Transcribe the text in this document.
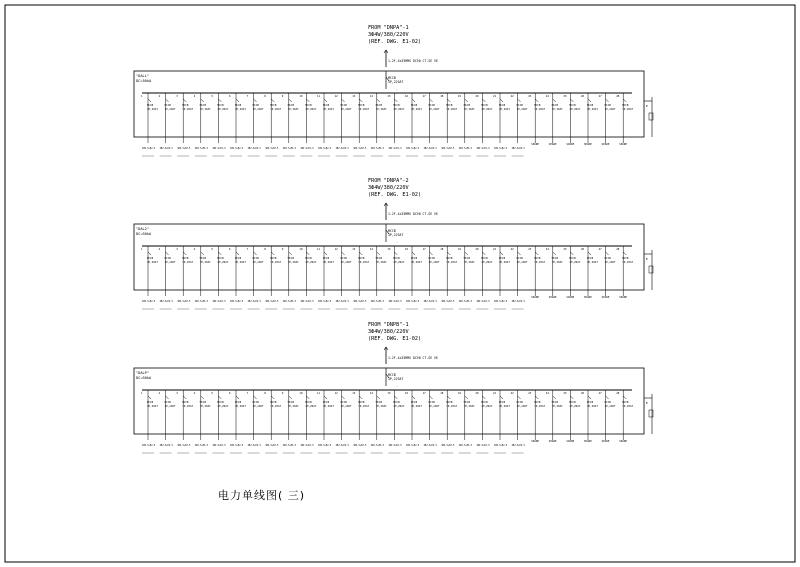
FROM "DNPA"-1
3Ф4W/380/220V
(REF. DWG. E1-02)
1.2F-4x35MMS DC50 CT.SE VE
"DALL"
DC=50kA
MCCB
3P,225AT
-
MCCB
3P,20AT
1
3#2.5+E2.5
MCCB
3P,20AT
2
3#2.5+E2.5
MCCB
3P,20AT
3
3#2.5+E2.5
MCCB
3P,20AT
4
3#2.5+E2.5
MCCB
3P,20AT
5
3#2.5+E2.5
MCCB
3P,20AT
6
3#2.5+E2.5
MCCB
3P,20AT
7
3#2.5+E2.5
MCCB
3P,20AT
8
3#2.5+E2.5
MCCB
3P,20AT
9
3#2.5+E2.5
MCCB
3P,20AT
10
3#2.5+E2.5
MCCB
3P,20AT
11
3#2.5+E2.5
MCCB
3P,20AT
12
3#2.5+E2.5
MCCB
3P,20AT
13
3#2.5+E2.5
MCCB
3P,20AT
14
3#2.5+E2.5
MCCB
3P,20AT
15
3#2.5+E2.5
MCCB
3P,20AT
16
3#2.5+E2.5
MCCB
3P,20AT
17
3#2.5+E2.5
MCCB
3P,20AT
18
3#2.5+E2.5
MCCB
3P,20AT
19
3#2.5+E2.5
MCCB
3P,20AT
20
3#2.5+E2.5
MCCB
3P,20AT
21
3#2.5+E2.5
MCCB
3P,20AT
22
3#2.5+E2.5
MCCB
3P,20AT
23
SPARE
MCCB
3P,20AT
24
SPARE
MCCB
3P,20AT
25
SPARE
MCCB
3P,20AT
26
SPARE
MCCB
3P,20AT
27
SPARE
MCCB
3P,20AT
28
SPARE
E
FROM "DNPA"-2
3Ф4W/380/220V
(REF. DWG. E1-02)
1.2F-4x35MMS DC50 CT.SE VE
"DAL2"
DC=50kA
MCCB
3P,225AT
-
MCCB
3P,20AT
1
3#2.5+E2.5
MCCB
3P,20AT
2
3#2.5+E2.5
MCCB
3P,20AT
3
3#2.5+E2.5
MCCB
3P,20AT
4
3#2.5+E2.5
MCCB
3P,20AT
5
3#2.5+E2.5
MCCB
3P,20AT
6
3#2.5+E2.5
MCCB
3P,20AT
7
3#2.5+E2.5
MCCB
3P,20AT
8
3#2.5+E2.5
MCCB
3P,20AT
9
3#2.5+E2.5
MCCB
3P,20AT
10
3#2.5+E2.5
MCCB
3P,20AT
11
3#2.5+E2.5
MCCB
3P,20AT
12
3#2.5+E2.5
MCCB
3P,20AT
13
3#2.5+E2.5
MCCB
3P,20AT
14
3#2.5+E2.5
MCCB
3P,20AT
15
3#2.5+E2.5
MCCB
3P,20AT
16
3#2.5+E2.5
MCCB
3P,20AT
17
3#2.5+E2.5
MCCB
3P,20AT
18
3#2.5+E2.5
MCCB
3P,20AT
19
3#2.5+E2.5
MCCB
3P,20AT
20
3#2.5+E2.5
MCCB
3P,20AT
21
3#2.5+E2.5
MCCB
3P,20AT
22
3#2.5+E2.5
MCCB
3P,20AT
23
SPARE
MCCB
3P,20AT
24
SPARE
MCCB
3P,20AT
25
SPARE
MCCB
3P,20AT
26
SPARE
MCCB
3P,20AT
27
SPARE
MCCB
3P,20AT
28
SPARE
E
FROM "DNPB"-1
3Ф4W/380/220V
(REF. DWG. E1-02)
1.2F-4x35MMS DC50 CT.SE VE
"DALP"
DC=50kA
MCCB
3P,225AT
-
MCCB
3P,20AT
1
3#2.5+E2.5
MCCB
3P,20AT
2
3#2.5+E2.5
MCCB
3P,20AT
3
3#2.5+E2.5
MCCB
3P,20AT
4
3#2.5+E2.5
MCCB
3P,20AT
5
3#2.5+E2.5
MCCB
3P,20AT
6
3#2.5+E2.5
MCCB
3P,20AT
7
3#2.5+E2.5
MCCB
3P,20AT
8
3#2.5+E2.5
MCCB
3P,20AT
9
3#2.5+E2.5
MCCB
3P,20AT
10
3#2.5+E2.5
MCCB
3P,20AT
11
3#2.5+E2.5
MCCB
3P,20AT
12
3#2.5+E2.5
MCCB
3P,20AT
13
3#2.5+E2.5
MCCB
3P,20AT
14
3#2.5+E2.5
MCCB
3P,20AT
15
3#2.5+E2.5
MCCB
3P,20AT
16
3#2.5+E2.5
MCCB
3P,20AT
17
3#2.5+E2.5
MCCB
3P,20AT
18
3#2.5+E2.5
MCCB
3P,20AT
19
3#2.5+E2.5
MCCB
3P,20AT
20
3#2.5+E2.5
MCCB
3P,20AT
21
3#2.5+E2.5
MCCB
3P,20AT
22
3#2.5+E2.5
MCCB
3P,20AT
23
SPARE
MCCB
3P,20AT
24
SPARE
MCCB
3P,20AT
25
SPARE
MCCB
3P,20AT
26
SPARE
MCCB
3P,20AT
27
SPARE
MCCB
3P,20AT
28
SPARE
E
电力单线图( 三)
